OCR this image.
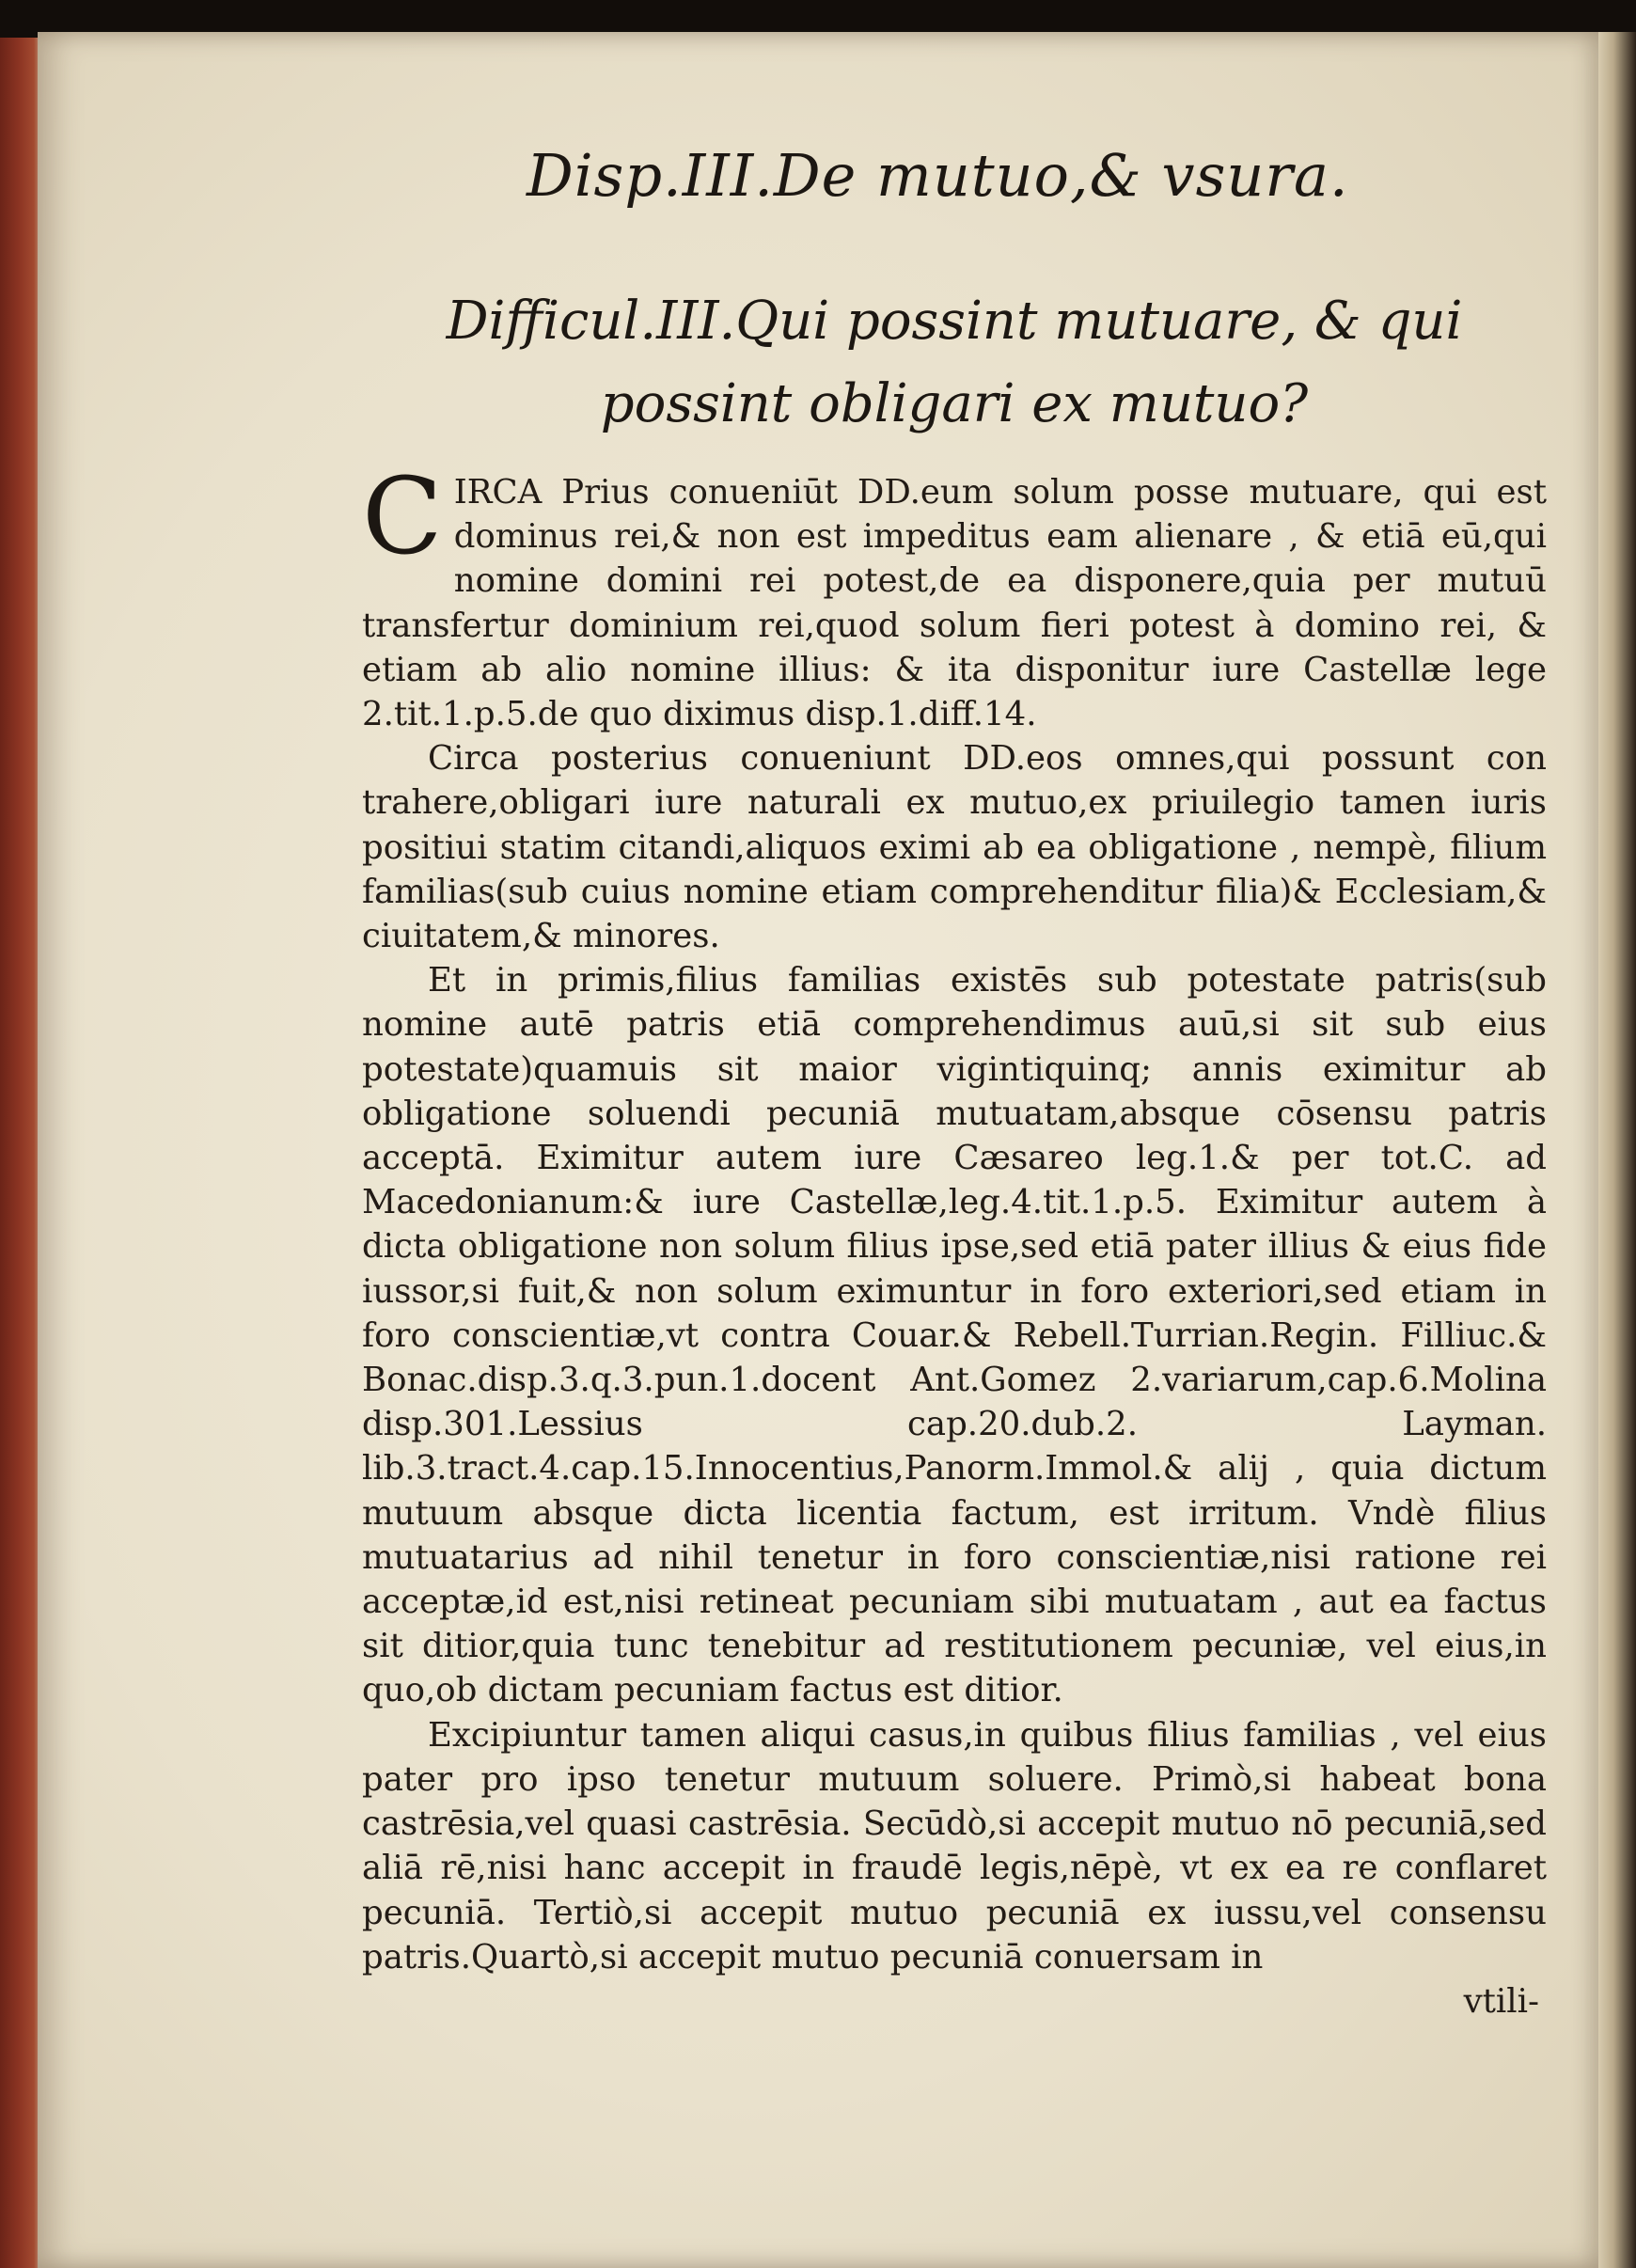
Disp.III.De mutuo,& vsura.
Difficul.III.Qui possint mutuare, & qui possint obligari ex mutuo?

CIRCA Prius conueniūt DD.eum solum posse mutuare, qui est dominus rei,& non est impeditus eam alienare , & etiā eū,qui nomine domini rei potest,de ea disponere,quia per mutuū transfertur dominium rei,quod solum fieri potest à domino rei, & etiam ab alio nomine illius: & ita disponitur iure Castellæ lege 2.tit.1.p.5.de quo diximus disp.1.diff.14.

Circa posterius conueniunt DD.eos omnes,qui possunt con trahere,obligari iure naturali ex mutuo,ex priuilegio tamen iuris positiui statim citandi,aliquos eximi ab ea obligatione , nempè, filium familias(sub cuius nomine etiam comprehenditur filia)& Ecclesiam,& ciuitatem,& minores.

Et in primis,filius familias existēs sub potestate patris(sub nomine autē patris etiā comprehendimus auū,si sit sub eius potestate)quamuis sit maior vigintiquinq; annis eximitur ab obligatione soluendi pecuniā mutuatam,absque cōsensu patris acceptā. Eximitur autem iure Cæsareo leg.1.& per tot.C. ad Macedonianum:& iure Castellæ,leg.4.tit.1.p.5. Eximitur autem à dicta obligatione non solum filius ipse,sed etiā pater illius & eius fide iussor,si fuit,& non solum eximuntur in foro exteriori,sed etiam in foro conscientiæ,vt contra Couar.& Rebell.Turrian.Regin. Filliuc.& Bonac.disp.3.q.3.pun.1.docent Ant.Gomez 2.variarum,cap.6.Molina disp.301.Lessius cap.20.dub.2. Layman. lib.3.tract.4.cap.15.Innocentius,Panorm.Immol.& alij , quia dictum mutuum absque dicta licentia factum, est irritum. Vndè filius mutuatarius ad nihil tenetur in foro conscientiæ,nisi ratione rei acceptæ,id est,nisi retineat pecuniam sibi mutuatam , aut ea factus sit ditior,quia tunc tenebitur ad restitutionem pecuniæ, vel eius,in quo,ob dictam pecuniam factus est ditior.

Excipiuntur tamen aliqui casus,in quibus filius familias , vel eius pater pro ipso tenetur mutuum soluere. Primò,si habeat bona castrēsia,vel quasi castrēsia. Secūdò,si accepit mutuo nō pecuniā,sed aliā rē,nisi hanc accepit in fraudē legis,nēpè, vt ex ea re conflaret pecuniā. Tertiò,si accepit mutuo pecuniā ex iussu,vel consensu patris.Quartò,si accepit mutuo pecuniā conuersam in

vtili-
